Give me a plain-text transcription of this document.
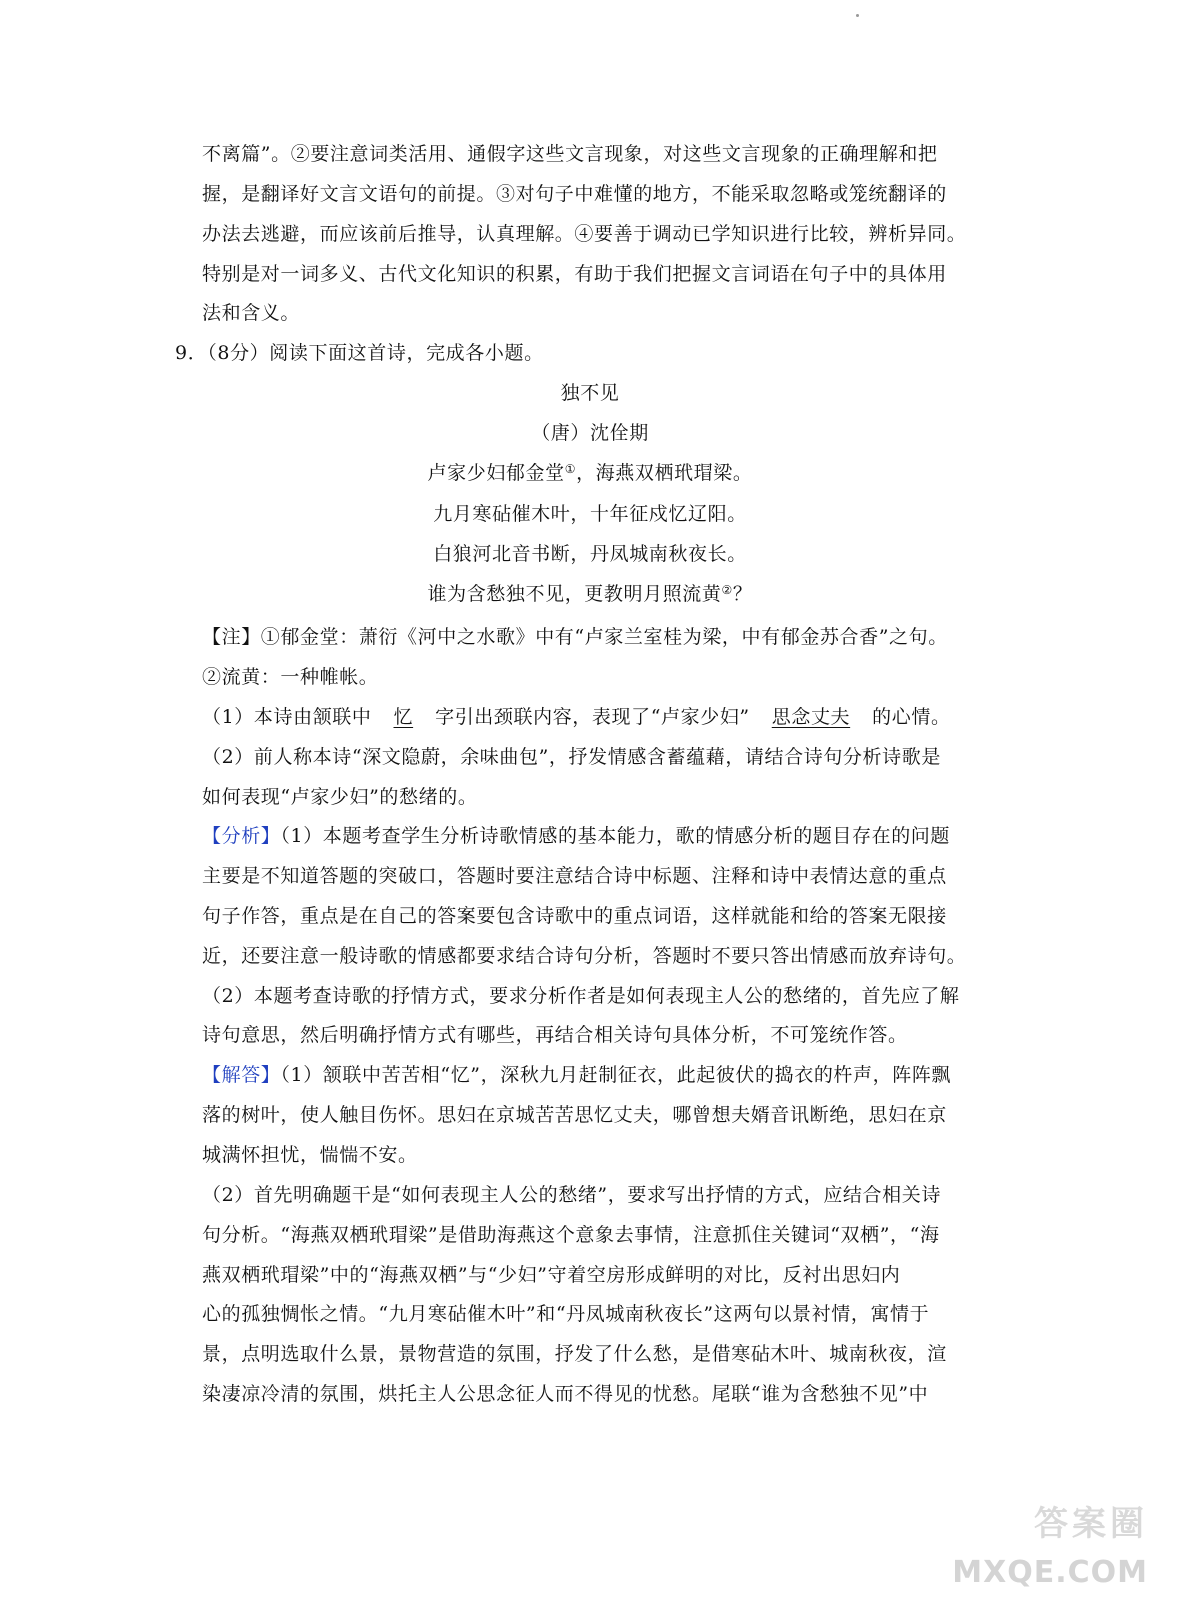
不离篇”。②要注意词类活用、通假字这些文言现象，对这些文言现象的正确理解和把
握，是翻译好文言文语句的前提。③对句子中难懂的地方，不能采取忽略或笼统翻译的
办法去逃避，而应该前后推导，认真理解。④要善于调动已学知识进行比较，辨析异同。
特别是对一词多义、古代文化知识的积累，有助于我们把握文言词语在句子中的具体用
法和含义。
9．（8分）阅读下面这首诗，完成各小题。
独不见
（唐）沈佺期
卢家少妇郁金堂①，海燕双栖玳瑁梁。
九月寒砧催木叶，十年征戍忆辽阳。
白狼河北音书断，丹凤城南秋夜长。
谁为含愁独不见，更教明月照流黄②？
【注】①郁金堂：萧衍《河中之水歌》中有“卢家兰室桂为梁，中有郁金苏合香”之句。
②流黄：一种帷帐。
（1）本诗由颔联中 忆 字引出颈联内容，表现了“卢家少妇” 思念丈夫 的心情。
（2）前人称本诗“深文隐蔚，余味曲包”，抒发情感含蓄蕴藉，请结合诗句分析诗歌是
如何表现“卢家少妇”的愁绪的。
【分析】（1）本题考查学生分析诗歌情感的基本能力，歌的情感分析的题目存在的问题
主要是不知道答题的突破口，答题时要注意结合诗中标题、注释和诗中表情达意的重点
句子作答，重点是在自己的答案要包含诗歌中的重点词语，这样就能和给的答案无限接
近，还要注意一般诗歌的情感都要求结合诗句分析，答题时不要只答出情感而放弃诗句。
（2）本题考查诗歌的抒情方式，要求分析作者是如何表现主人公的愁绪的，首先应了解
诗句意思，然后明确抒情方式有哪些，再结合相关诗句具体分析，不可笼统作答。
【解答】（1）颔联中苦苦相“忆”，深秋九月赶制征衣，此起彼伏的捣衣的杵声，阵阵飘
落的树叶，使人触目伤怀。思妇在京城苦苦思忆丈夫，哪曾想夫婿音讯断绝，思妇在京
城满怀担忧，惴惴不安。
（2）首先明确题干是“如何表现主人公的愁绪”，要求写出抒情的方式，应结合相关诗
句分析。“海燕双栖玳瑁梁”是借助海燕这个意象去事情，注意抓住关键词“双栖”，“海
燕双栖玳瑁梁”中的“海燕双栖”与“少妇”守着空房形成鲜明的对比，反衬出思妇内
心的孤独惆怅之情。“九月寒砧催木叶”和“丹凤城南秋夜长”这两句以景衬情，寓情于
景，点明选取什么景，景物营造的氛围，抒发了什么愁，是借寒砧木叶、城南秋夜，渲
染凄凉冷清的氛围，烘托主人公思念征人而不得见的忧愁。尾联“谁为含愁独不见”中
答案圈
MXQE.COM
